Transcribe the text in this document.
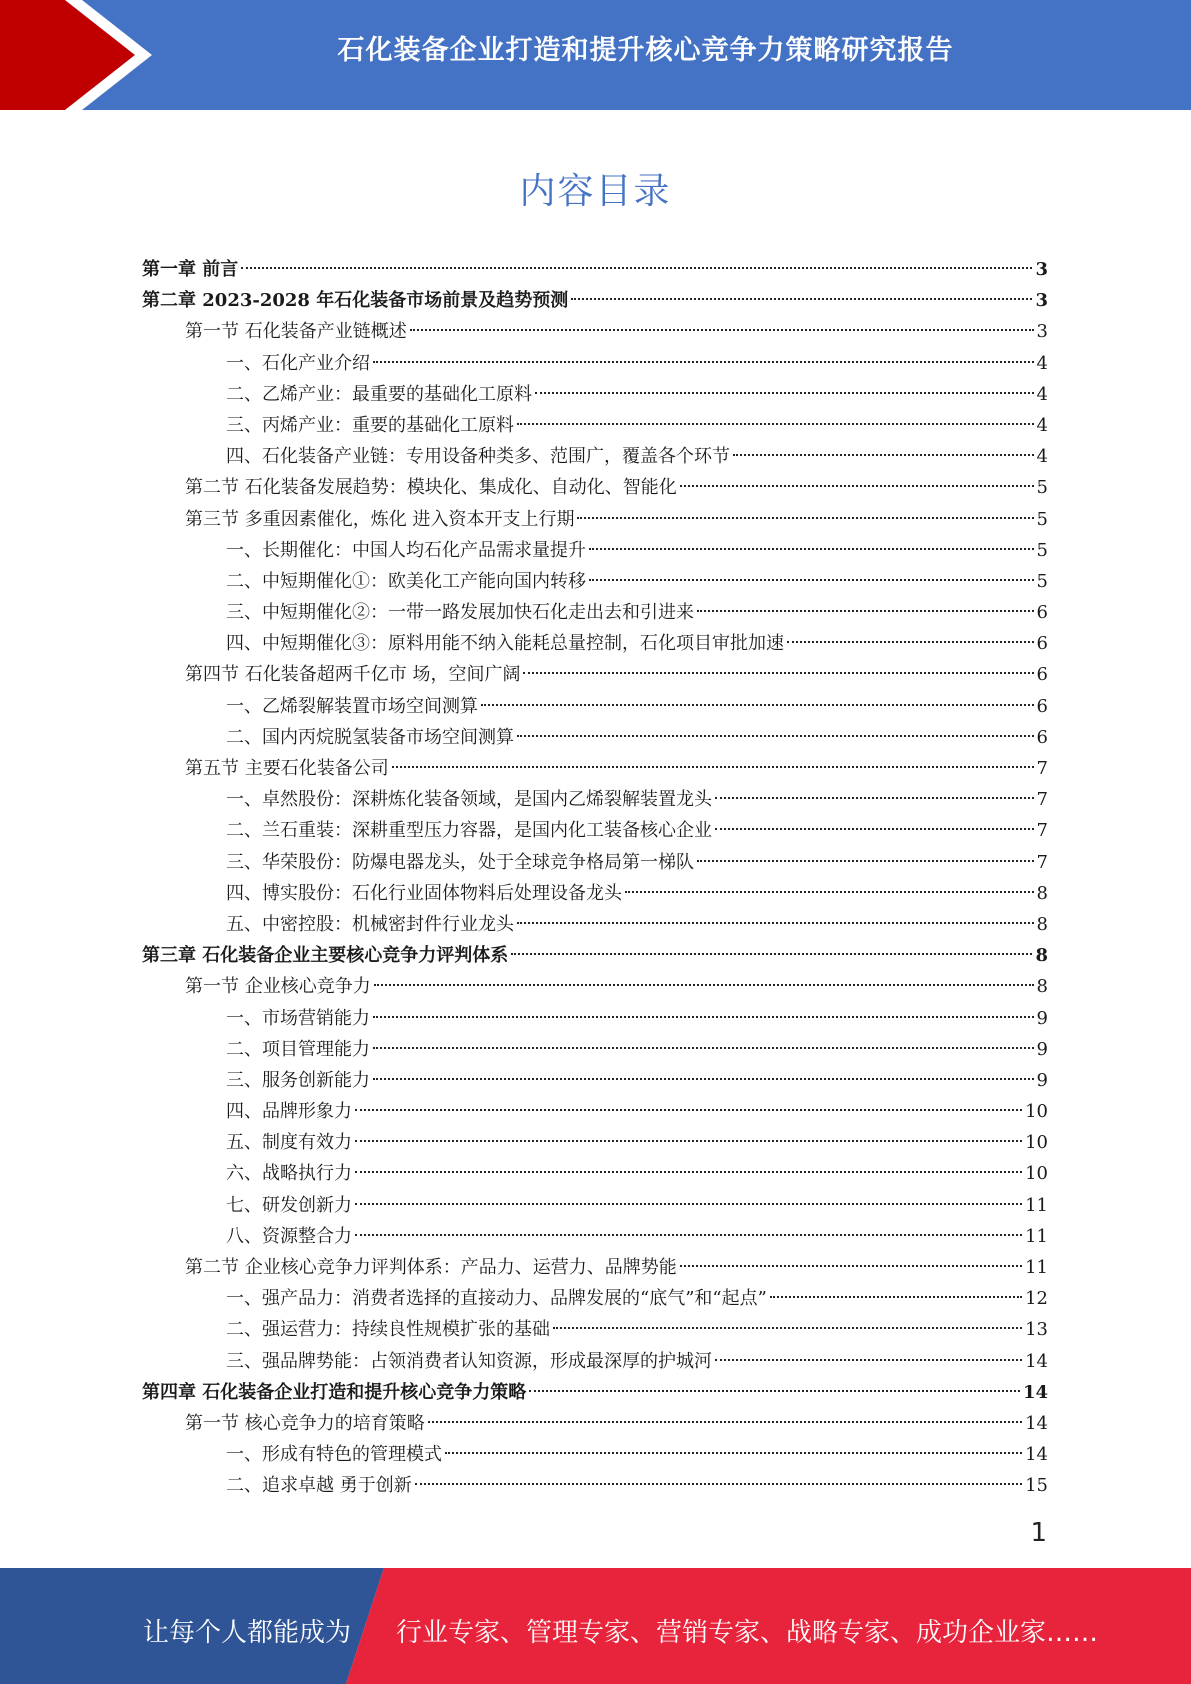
石化装备企业打造和提升核心竞争力策略研究报告
内容目录
第一章 前言	3
第二章 2023-2028 年石化装备市场前景及趋势预测	3
第一节 石化装备产业链概述	3
一、石化产业介绍	4
二、乙烯产业：最重要的基础化工原料	4
三、丙烯产业：重要的基础化工原料	4
四、石化装备产业链：专用设备种类多、范围广，覆盖各个环节	4
第二节 石化装备发展趋势：模块化、集成化、自动化、智能化	5
第三节 多重因素催化，炼化 进入资本开支上行期	5
一、长期催化：中国人均石化产品需求量提升	5
二、中短期催化①：欧美化工产能向国内转移	5
三、中短期催化②：一带一路发展加快石化走出去和引进来	6
四、中短期催化③：原料用能不纳入能耗总量控制，石化项目审批加速	6
第四节 石化装备超两千亿市 场，空间广阔	6
一、乙烯裂解装置市场空间测算	6
二、国内丙烷脱氢装备市场空间测算	6
第五节 主要石化装备公司	7
一、卓然股份：深耕炼化装备领域，是国内乙烯裂解装置龙头	7
二、兰石重装：深耕重型压力容器，是国内化工装备核心企业	7
三、华荣股份：防爆电器龙头，处于全球竞争格局第一梯队	7
四、博实股份：石化行业固体物料后处理设备龙头	8
五、中密控股：机械密封件行业龙头	8
第三章 石化装备企业主要核心竞争力评判体系	8
第一节 企业核心竞争力	8
一、市场营销能力	9
二、项目管理能力	9
三、服务创新能力	9
四、品牌形象力	10
五、制度有效力	10
六、战略执行力	10
七、研发创新力	11
八、资源整合力	11
第二节 企业核心竞争力评判体系：产品力、运营力、品牌势能	11
一、强产品力：消费者选择的直接动力、品牌发展的“底气”和“起点”	12
二、强运营力：持续良性规模扩张的基础	13
三、强品牌势能：占领消费者认知资源，形成最深厚的护城河	14
第四章 石化装备企业打造和提升核心竞争力策略	14
第一节 核心竞争力的培育策略	14
一、形成有特色的管理模式	14
二、追求卓越 勇于创新	15
1
让每个人都能成为 行业专家、管理专家、营销专家、战略专家、成功企业家……
